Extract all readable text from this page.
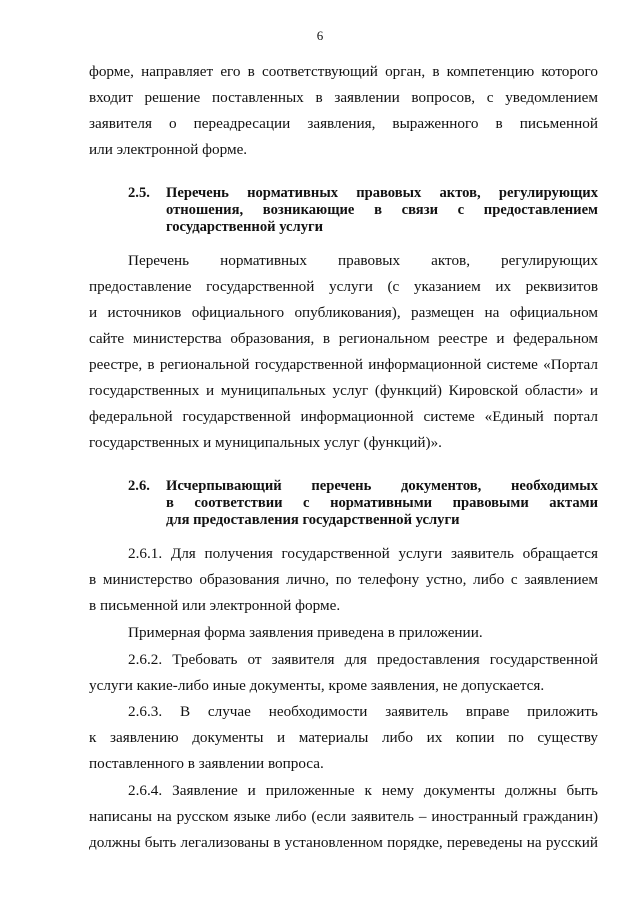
6
форме, направляет его в соответствующий орган, в компетенцию которого
входит решение поставленных в заявлении вопросов, с уведомлением
заявителя о переадресации заявления, выраженного в письменной
или электронной форме.
2.5. Перечень нормативных правовых актов, регулирующих
отношения, возникающие в связи с предоставлением
государственной услуги
Перечень нормативных правовых актов, регулирующих
предоставление государственной услуги (с указанием их реквизитов
и источников официального опубликования), размещен на официальном
сайте министерства образования, в региональном реестре и федеральном
реестре, в региональной государственной информационной системе «Портал
государственных и муниципальных услуг (функций) Кировской области» и
федеральной государственной информационной системе «Единый портал
государственных и муниципальных услуг (функций)».
2.6. Исчерпывающий перечень документов, необходимых
в соответствии с нормативными правовыми актами
для предоставления государственной услуги
2.6.1. Для получения государственной услуги заявитель обращается
в министерство образования лично, по телефону устно, либо с заявлением
в письменной или электронной форме.
Примерная форма заявления приведена в приложении.
2.6.2. Требовать от заявителя для предоставления государственной
услуги какие-либо иные документы, кроме заявления, не допускается.
2.6.3. В случае необходимости заявитель вправе приложить
к заявлению документы и материалы либо их копии по существу
поставленного в заявлении вопроса.
2.6.4. Заявление и приложенные к нему документы должны быть
написаны на русском языке либо (если заявитель – иностранный гражданин)
должны быть легализованы в установленном порядке, переведены на русский
